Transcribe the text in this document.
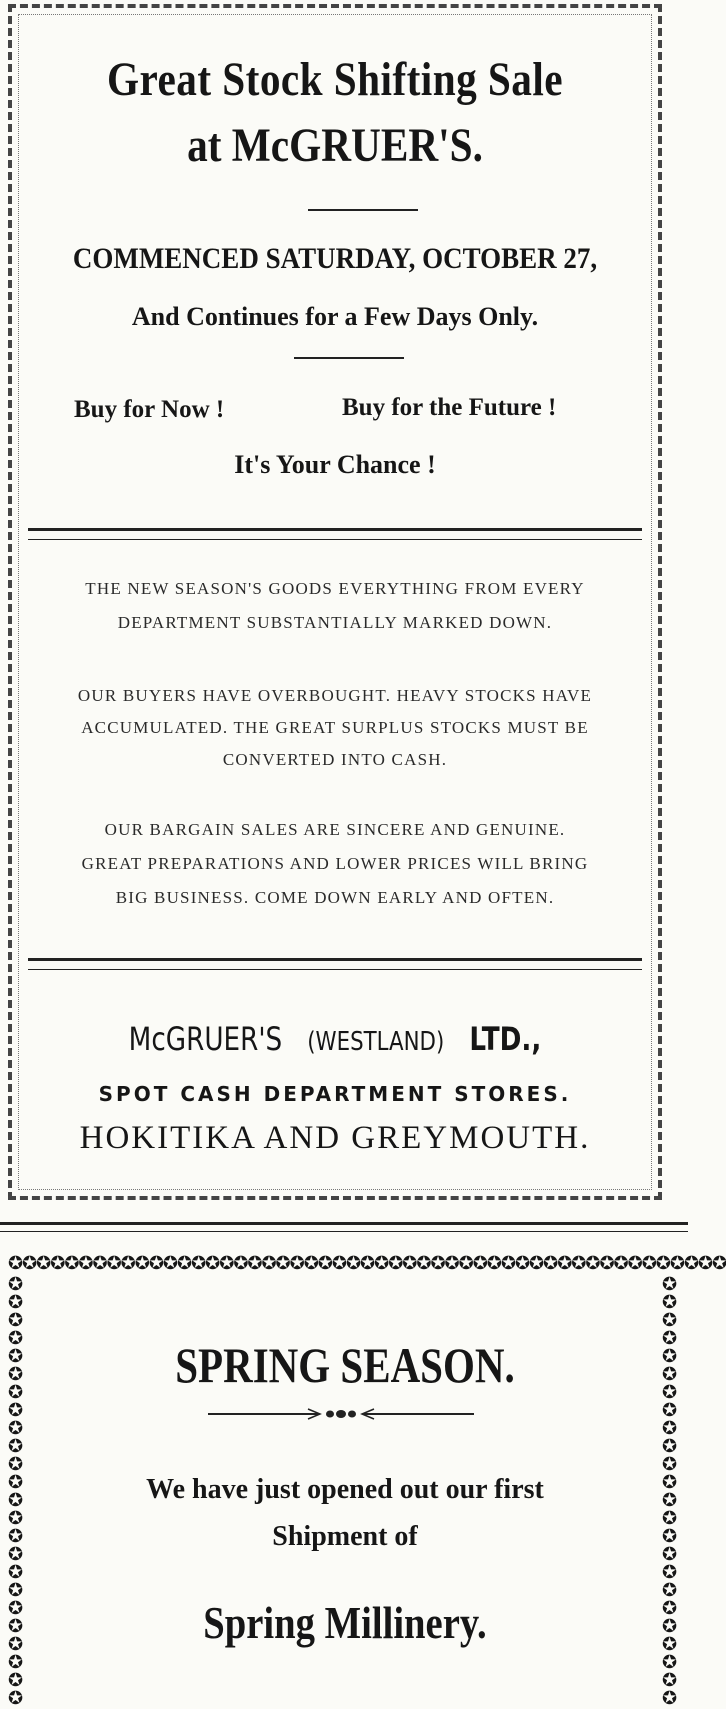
Great Stock Shifting Sale
at McGRUER'S.
COMMENCED SATURDAY, OCTOBER 27,
And Continues for a Few Days Only.
Buy for Now !	Buy for the Future !
It's Your Chance !
THE NEW SEASON'S GOODS EVERYTHING FROM EVERY
DEPARTMENT SUBSTANTIALLY MARKED DOWN.
OUR BUYERS HAVE OVERBOUGHT. HEAVY STOCKS HAVE
ACCUMULATED. THE GREAT SURPLUS STOCKS MUST BE
CONVERTED INTO CASH.
OUR BARGAIN SALES ARE SINCERE AND GENUINE.
GREAT PREPARATIONS AND LOWER PRICES WILL BRING
BIG BUSINESS. COME DOWN EARLY AND OFTEN.
McGRUER'S (WESTLAND) LTD.,
SPOT CASH DEPARTMENT STORES.
HOKITIKA AND GREYMOUTH.
✪✪✪✪✪✪✪✪✪✪✪✪✪✪✪✪✪✪✪✪✪✪✪✪✪✪✪✪✪✪✪✪✪✪✪✪✪✪✪✪✪✪✪✪✪✪✪✪✪✪✪
✪✪✪✪✪✪✪✪✪✪✪✪✪✪✪✪✪✪✪✪✪✪✪✪
✪✪✪✪✪✪✪✪✪✪✪✪✪✪✪✪✪✪✪✪✪✪✪✪
SPRING SEASON.
We have just opened out our first
Shipment of
Spring Millinery.
